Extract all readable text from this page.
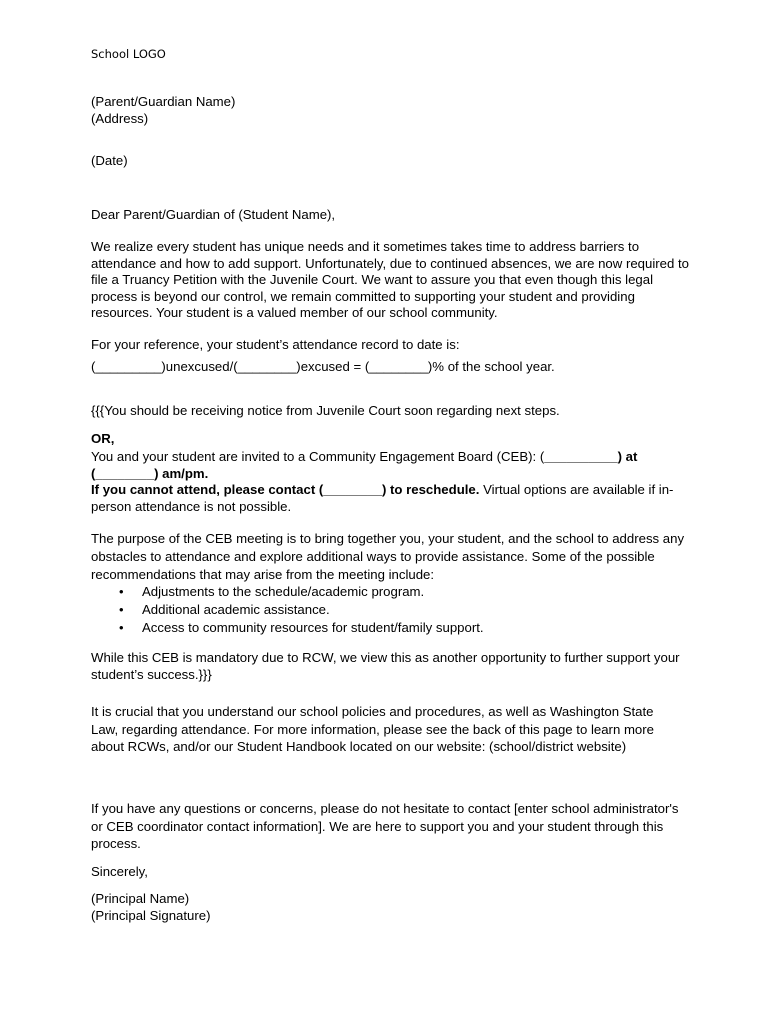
School LOGO
(Parent/Guardian Name)
(Address)
(Date)
Dear Parent/Guardian of (Student Name),

We realize every student has unique needs and it sometimes takes time to address barriers to attendance and how to add support. Unfortunately, due to continued absences, we are now required to file a Truancy Petition with the Juvenile Court. We want to assure you that even though this legal process is beyond our control, we remain committed to supporting your student and providing resources. Your student is a valued member of our school community.

For your reference, your student’s attendance record to date is:
(_________)unexcused/(________)excused = (________)% of the school year.
{{{You should be receiving notice from Juvenile Court soon regarding next steps.
OR,

You and your student are invited to a Community Engagement Board (CEB): (__________) at (________) am/pm.
If you cannot attend, please contact (________) to reschedule. Virtual options are available if in-person attendance is not possible.

The purpose of the CEB meeting is to bring together you, your student, and the school to address any obstacles to attendance and explore additional ways to provide assistance. Some of the possible recommendations that may arise from the meeting include:

• Adjustments to the schedule/academic program.
• Additional academic assistance.
• Access to community resources for student/family support.

While this CEB is mandatory due to RCW, we view this as another opportunity to further support your student’s success.}}}

It is crucial that you understand our school policies and procedures, as well as Washington State Law, regarding attendance. For more information, please see the back of this page to learn more about RCWs, and/or our Student Handbook located on our website: (school/district website)

If you have any questions or concerns, please do not hesitate to contact [enter school administrator's or CEB coordinator contact information]. We are here to support you and your student through this process.

Sincerely,
(Principal Name)
(Principal Signature)
